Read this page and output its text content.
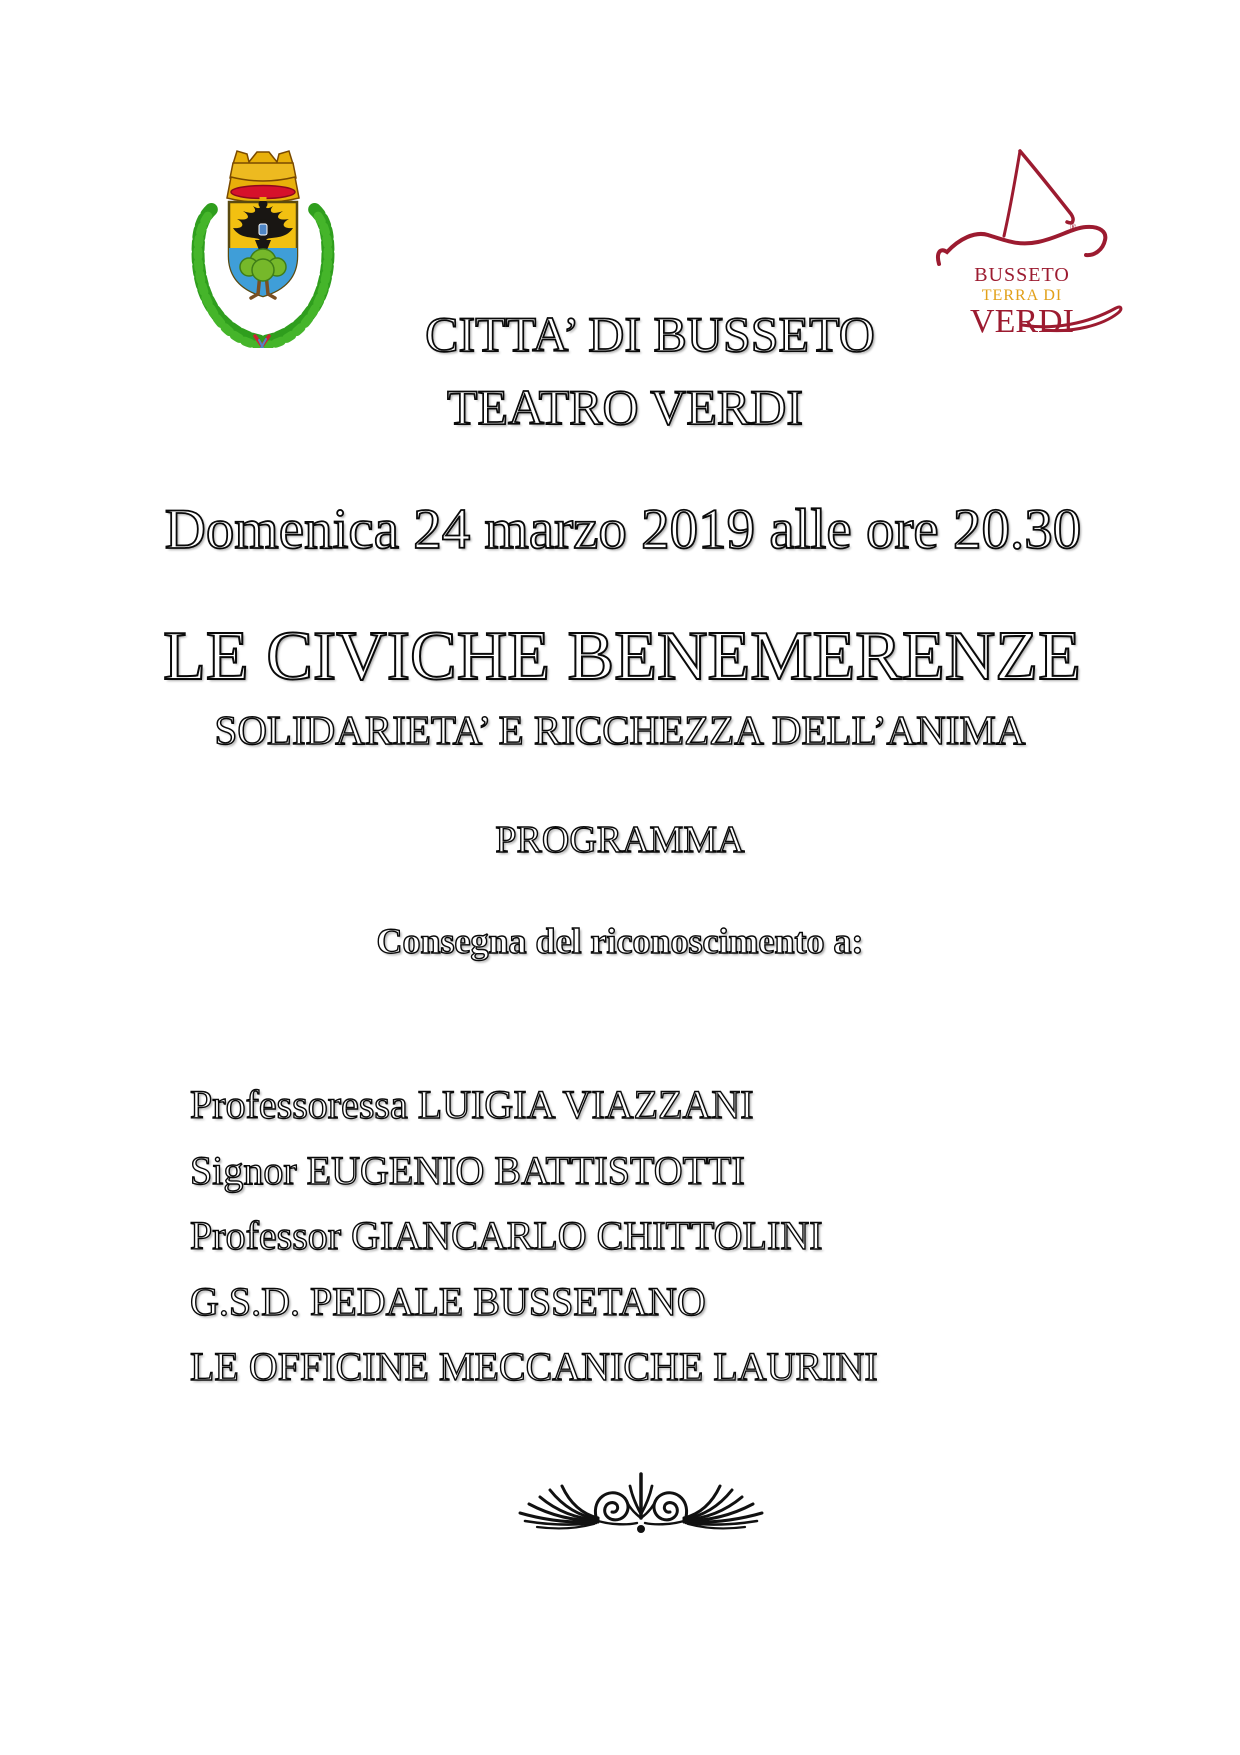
®
BUSSETO
TERRA DI
VERDI
CITTA’ DI BUSSETO
TEATRO VERDI
Domenica 24 marzo 2019 alle ore 20.30
LE CIVICHE BENEMERENZE
SOLIDARIETA’ E RICCHEZZA DELL’ANIMA
PROGRAMMA
Consegna del riconoscimento a:
Professoressa LUIGIA VIAZZANI
Signor EUGENIO BATTISTOTTI
Professor GIANCARLO CHITTOLINI
G.S.D. PEDALE BUSSETANO
LE OFFICINE MECCANICHE LAURINI
